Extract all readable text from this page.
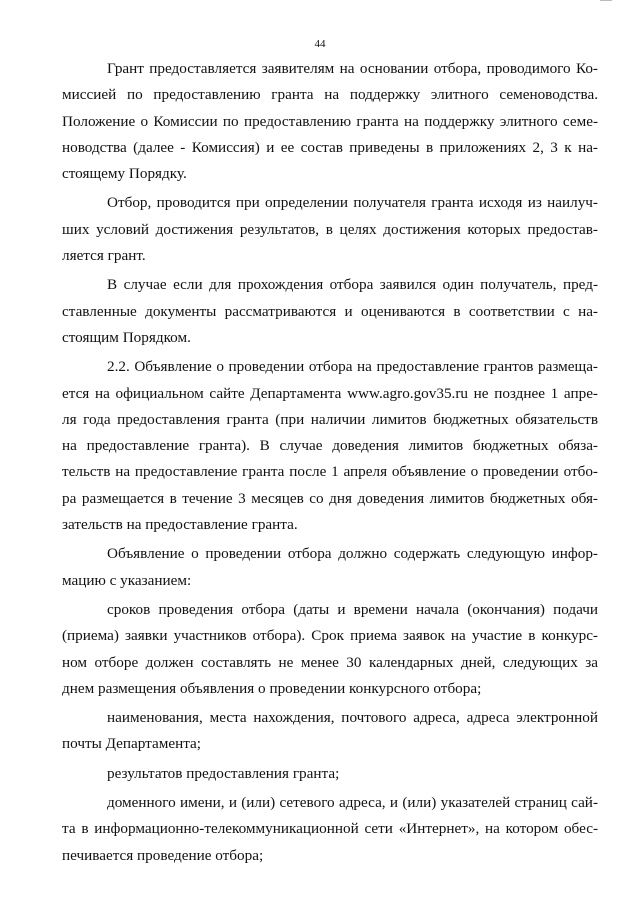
44
Грант предоставляется заявителям на основании отбора, проводимого Ко-
миссией по предоставлению гранта на поддержку элитного семеноводства.
Положение о Комиссии по предоставлению гранта на поддержку элитного семе-
новодства (далее - Комиссия) и ее состав приведены в приложениях 2, 3 к на-
стоящему Порядку.
Отбор, проводится при определении получателя гранта исходя из наилуч-
ших условий достижения результатов, в целях достижения которых предостав-
ляется грант.
В случае если для прохождения отбора заявился один получатель, пред-
ставленные документы рассматриваются и оцениваются в соответствии с на-
стоящим Порядком.
2.2. Объявление о проведении отбора на предоставление грантов размеща-
ется на официальном сайте Департамента www.agro.gov35.ru не позднее 1 апре-
ля года предоставления гранта (при наличии лимитов бюджетных обязательств
на предоставление гранта). В случае доведения лимитов бюджетных обяза-
тельств на предоставление гранта после 1 апреля объявление о проведении отбо-
ра размещается в течение 3 месяцев со дня доведения лимитов бюджетных обя-
зательств на предоставление гранта.
Объявление о проведении отбора должно содержать следующую инфор-
мацию с указанием:
сроков проведения отбора (даты и времени начала (окончания) подачи
(приема) заявки участников отбора). Срок приема заявок на участие в конкурс-
ном отборе должен составлять не менее 30 календарных дней, следующих за
днем размещения объявления о проведении конкурсного отбора;
наименования, места нахождения, почтового адреса, адреса электронной
почты Департамента;
результатов предоставления гранта;
доменного имени, и (или) сетевого адреса, и (или) указателей страниц сай-
та в информационно-телекоммуникационной сети «Интернет», на котором обес-
печивается проведение отбора;
